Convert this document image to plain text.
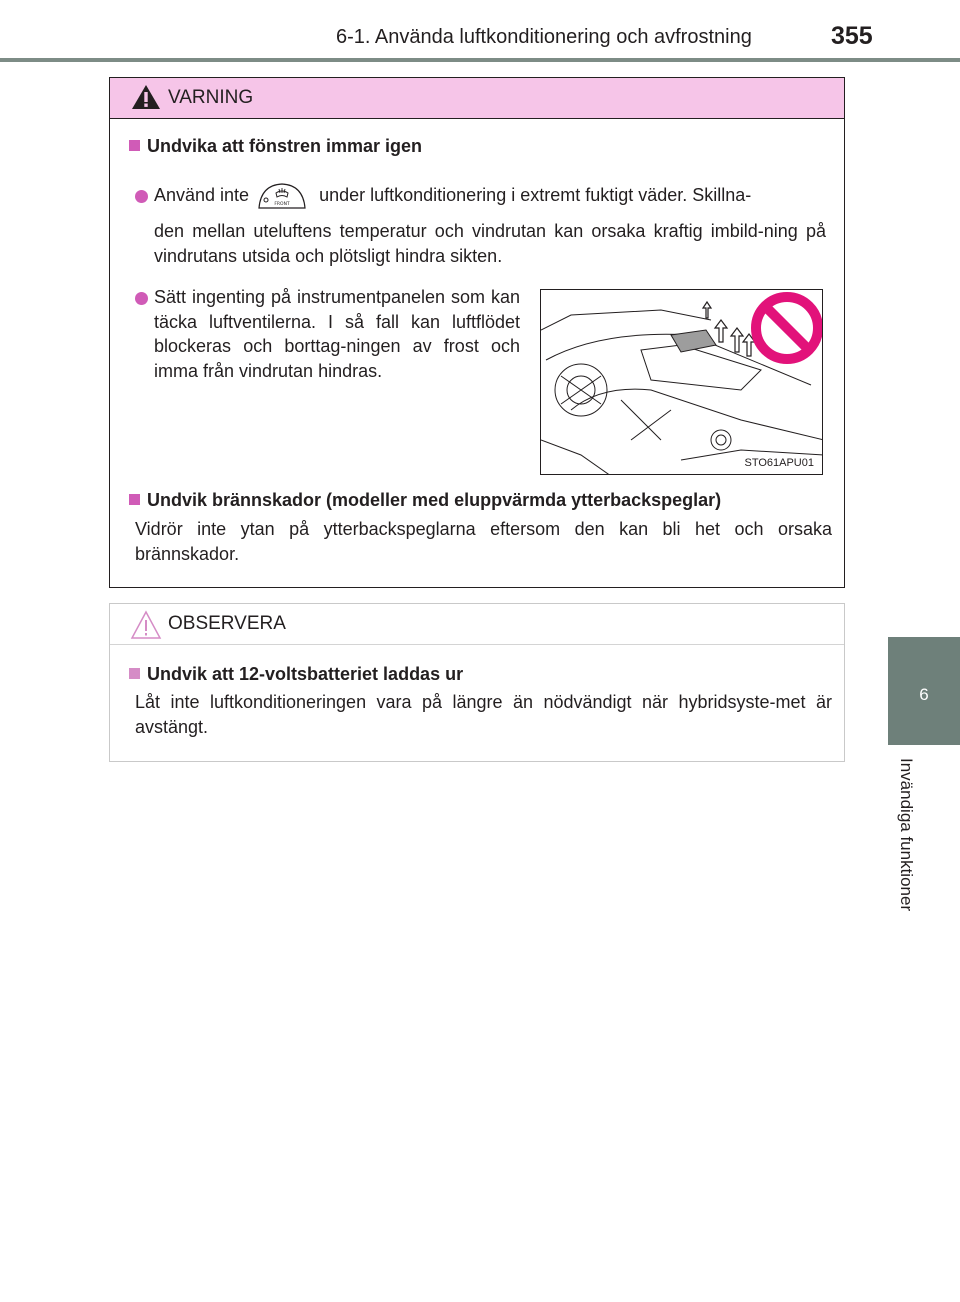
6-1. Använda luftkonditionering och avfrostning	355
6
Invändiga funktioner
VARNING
Undvika att fönstren immar igen
Använd inte	FRONT under luftkonditionering i extremt fuktigt väder. Skillna-
den mellan uteluftens temperatur och vindrutan kan orsaka kraftig imbild-ning på vindrutans utsida och plötsligt hindra sikten.
Sätt ingenting på instrumentpanelen som kan täcka luftventilerna. I så fall kan luftflödet blockeras och borttag-ningen av frost och imma från vindrutan hindras.
STO61APU01
Undvik brännskador (modeller med eluppvärmda ytterbackspeglar)
Vidrör inte ytan på ytterbackspeglarna eftersom den kan bli het och orsaka brännskador.
OBSERVERA
Undvik att 12-voltsbatteriet laddas ur
Låt inte luftkonditioneringen vara på längre än nödvändigt när hybridsyste-met är avstängt.
